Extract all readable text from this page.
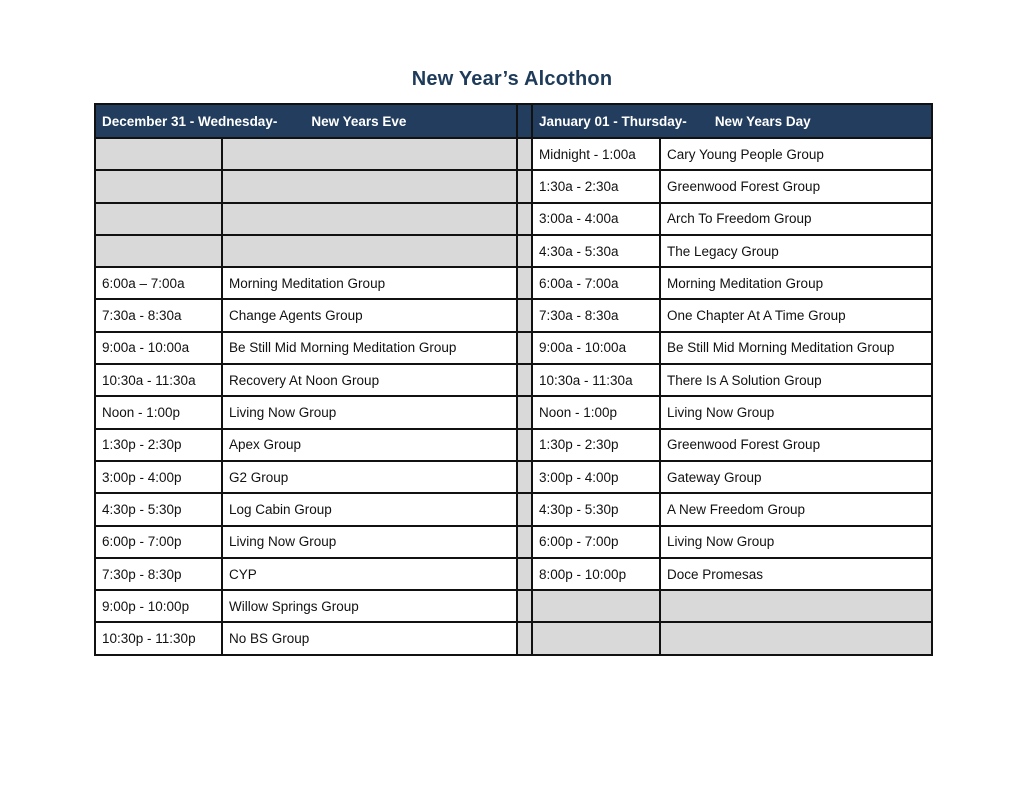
New Year’s Alcothon
December 31 - Wednesday- New Years Eve			January 01 - Thursday- New Years Day	
			Midnight - 1:00a	Cary Young People Group
			1:30a - 2:30a	Greenwood Forest Group
			3:00a - 4:00a	Arch To Freedom Group
			4:30a - 5:30a	The Legacy Group
6:00a – 7:00a	Morning Meditation Group		6:00a - 7:00a	Morning Meditation Group
7:30a - 8:30a	Change Agents Group		7:30a - 8:30a	One Chapter At A Time Group
9:00a - 10:00a	Be Still Mid Morning Meditation Group		9:00a - 10:00a	Be Still Mid Morning Meditation Group
10:30a - 11:30a	Recovery At Noon Group		10:30a - 11:30a	There Is A Solution Group
Noon - 1:00p	Living Now Group		Noon - 1:00p	Living Now Group
1:30p - 2:30p	Apex Group		1:30p - 2:30p	Greenwood Forest Group
3:00p - 4:00p	G2 Group		3:00p - 4:00p	Gateway Group
4:30p - 5:30p	Log Cabin Group		4:30p - 5:30p	A New Freedom Group
6:00p - 7:00p	Living Now Group		6:00p - 7:00p	Living Now Group
7:30p - 8:30p	CYP		8:00p - 10:00p	Doce Promesas
9:00p - 10:00p	Willow Springs Group			
10:30p - 11:30p	No BS Group			
